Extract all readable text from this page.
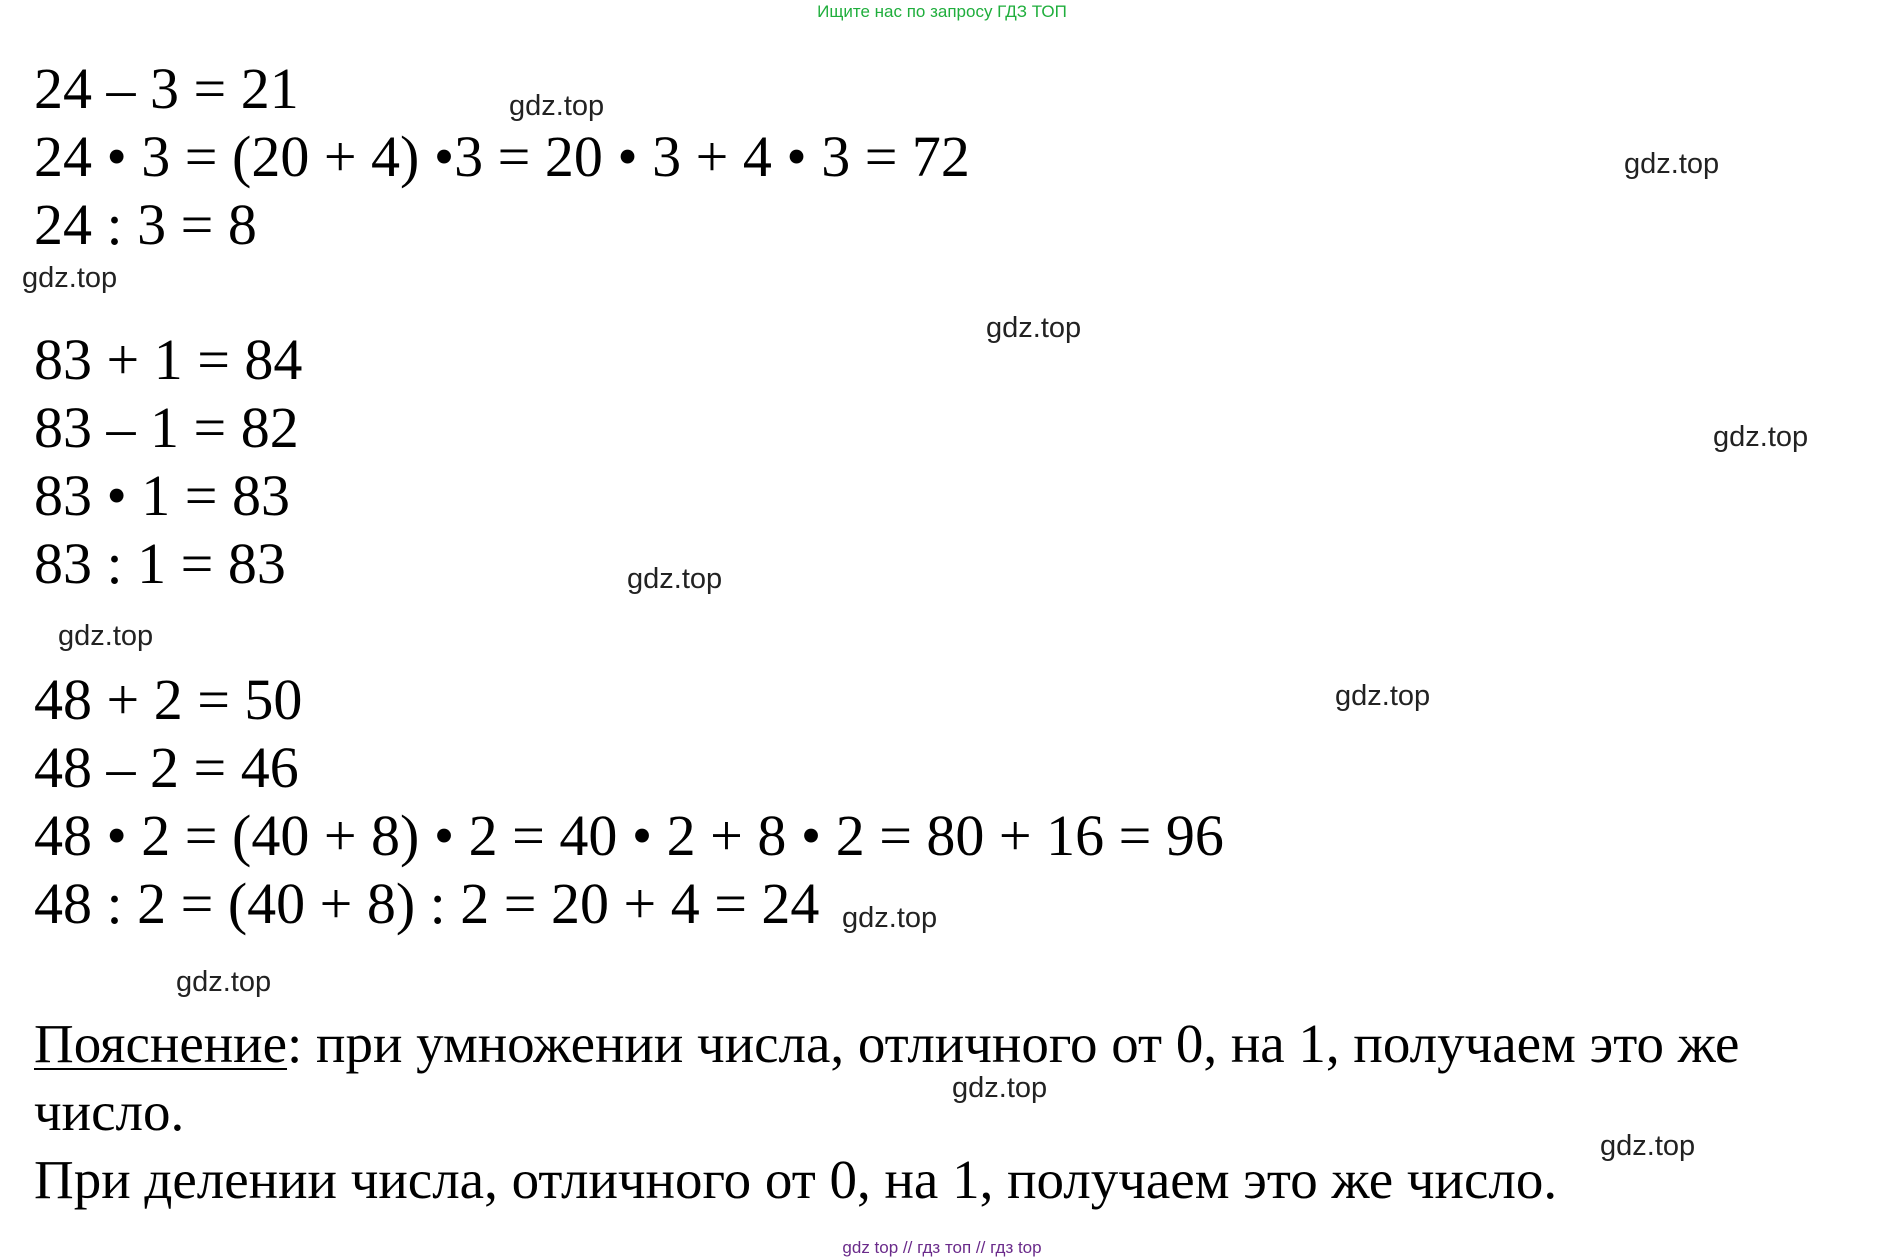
Ищите нас по запросу ГДЗ ТОП
24 – 3 = 21
24 • 3 = (20 + 4) •3 = 20 • 3 + 4 • 3 = 72
24 : 3 = 8
83 + 1 = 84
83 – 1 = 82
83 • 1 = 83
83 : 1 = 83
48 + 2 = 50
48 – 2 = 46
48 • 2 = (40 + 8) • 2 = 40 • 2 + 8 • 2 = 80 + 16 = 96
48 : 2 = (40 + 8) : 2 = 20 + 4 = 24
Пояснение: при умножении числа, отличного от 0, на 1, получаем это же число.
При делении числа, отличного от 0, на 1, получаем это же число.
gdz.top
gdz.top
gdz.top
gdz.top
gdz.top
gdz.top
gdz.top
gdz.top
gdz.top
gdz.top
gdz.top
gdz.top
gdz top // гдз топ // гдз top
